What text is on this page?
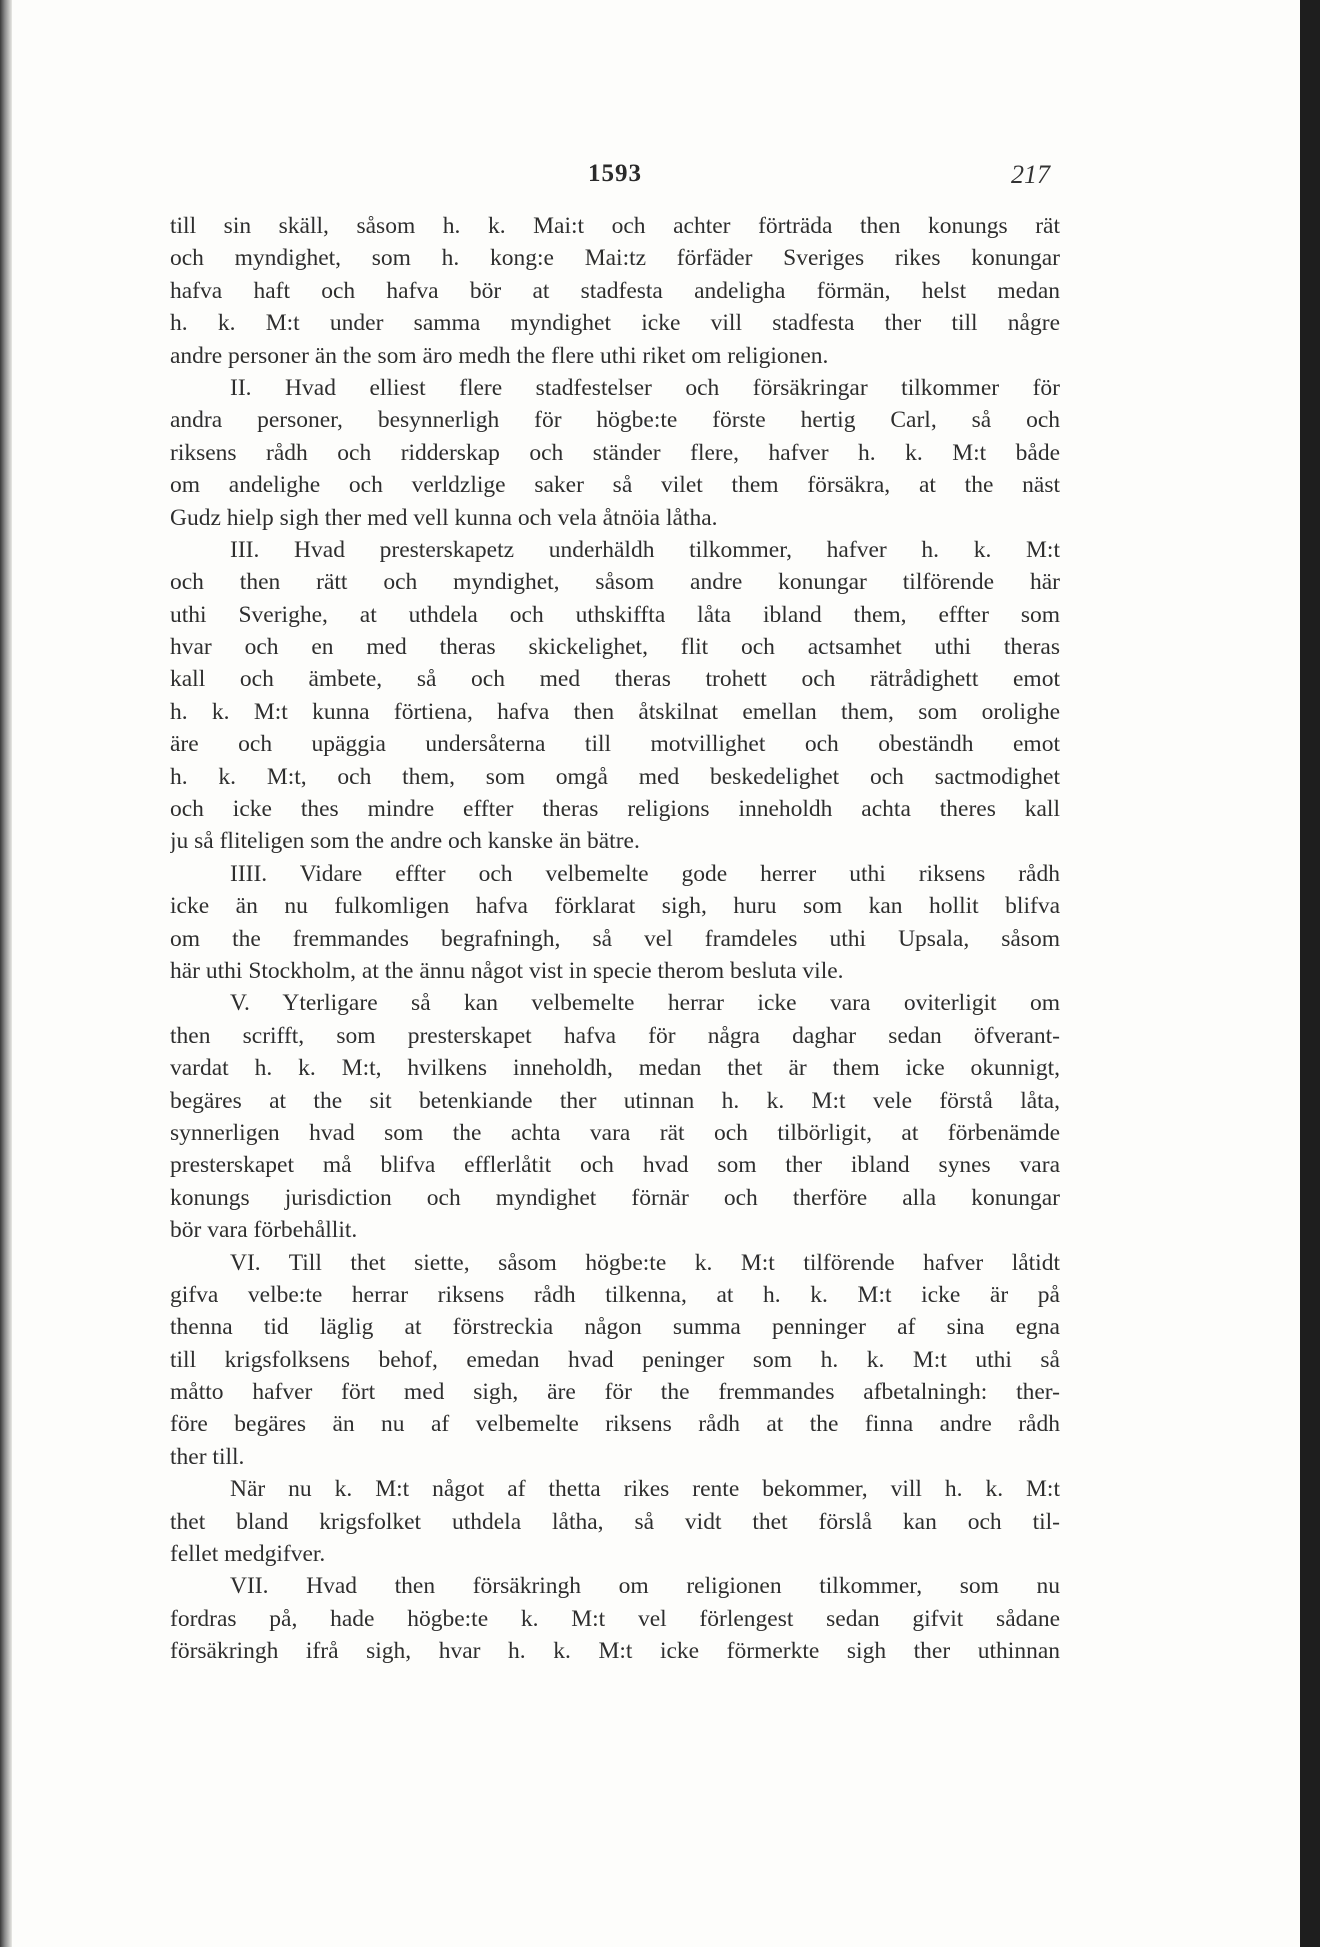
1593	217
till sin skäll, såsom h. k. Mai:t och achter förträda then konungs rät
och myndighet, som h. kong:e Mai:tz förfäder Sveriges rikes konungar
hafva haft och hafva bör at stadfesta andeligha förmän, helst medan
h. k. M:t under samma myndighet icke vill stadfesta ther till någre
andre personer än the som äro medh the flere uthi riket om religionen.
II. Hvad elliest flere stadfestelser och försäkringar tilkommer för
andra personer, besynnerligh för högbe:te förste hertig Carl, så och
riksens rådh och ridderskap och ständer flere, hafver h. k. M:t både
om andelighe och verldzlige saker så vilet them försäkra, at the näst
Gudz hielp sigh ther med vell kunna och vela åtnöia låtha.
III. Hvad presterskapetz underhäldh tilkommer, hafver h. k. M:t
och then rätt och myndighet, såsom andre konungar tilförende här
uthi Sverighe, at uthdela och uthskiffta låta ibland them, effter som
hvar och en med theras skickelighet, flit och actsamhet uthi theras
kall och ämbete, så och med theras trohett och rätrådighett emot
h. k. M:t kunna förtiena, hafva then åtskilnat emellan them, som orolighe
äre och upäggia undersåterna till motvillighet och obeständh emot
h. k. M:t, och them, som omgå med beskedelighet och sactmodighet
och icke thes mindre effter theras religions inneholdh achta theres kall
ju så fliteligen som the andre och kanske än bätre.
IIII. Vidare effter och velbemelte gode herrer uthi riksens rådh
icke än nu fulkomligen hafva förklarat sigh, huru som kan hollit blifva
om the fremmandes begrafningh, så vel framdeles uthi Upsala, såsom
här uthi Stockholm, at the ännu något vist in specie therom besluta vile.
V. Yterligare så kan velbemelte herrar icke vara oviterligit om
then scrifft, som presterskapet hafva för några daghar sedan öfverant-
vardat h. k. M:t, hvilkens inneholdh, medan thet är them icke okunnigt,
begäres at the sit betenkiande ther utinnan h. k. M:t vele förstå låta,
synnerligen hvad som the achta vara rät och tilbörligit, at förbenämde
presterskapet må blifva efflerlåtit och hvad som ther ibland synes vara
konungs jurisdiction och myndighet förnär och therföre alla konungar
bör vara förbehållit.
VI. Till thet siette, såsom högbe:te k. M:t tilförende hafver låtidt
gifva velbe:te herrar riksens rådh tilkenna, at h. k. M:t icke är på
thenna tid läglig at förstreckia någon summa penninger af sina egna
till krigsfolksens behof, emedan hvad peninger som h. k. M:t uthi så
måtto hafver fört med sigh, äre för the fremmandes afbetalningh: ther-
före begäres än nu af velbemelte riksens rådh at the finna andre rådh
ther till.
När nu k. M:t något af thetta rikes rente bekommer, vill h. k. M:t
thet bland krigsfolket uthdela låtha, så vidt thet förslå kan och til-
fellet medgifver.
VII. Hvad then försäkringh om religionen tilkommer, som nu
fordras på, hade högbe:te k. M:t vel förlengest sedan gifvit sådane
försäkringh ifrå sigh, hvar h. k. M:t icke förmerkte sigh ther uthinnan
